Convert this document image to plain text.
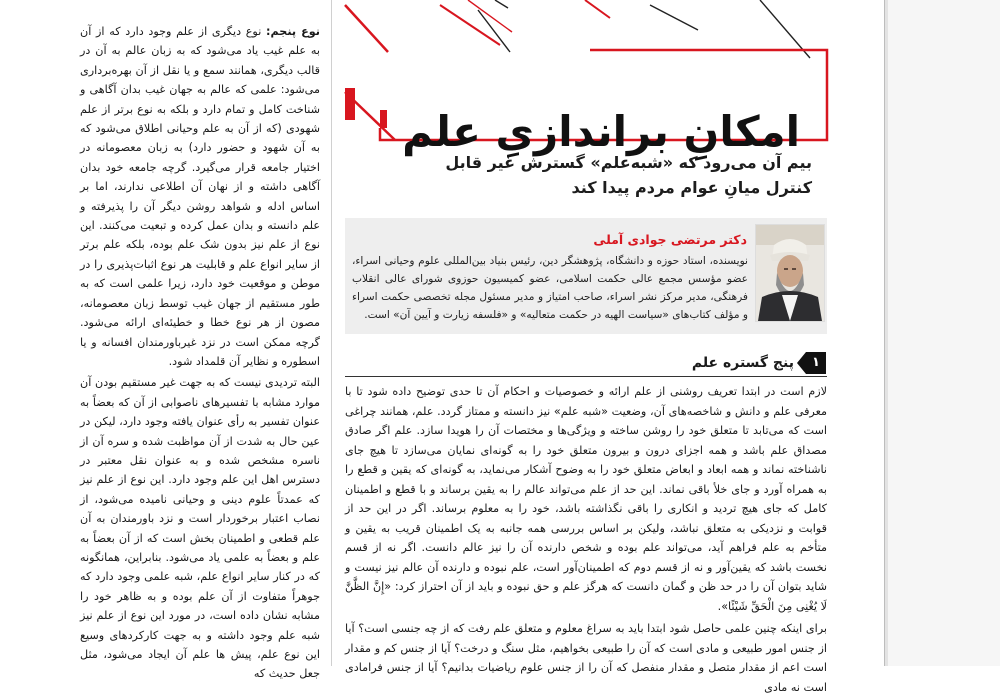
نوع پنجم: نوع دیگری از علم وجود دارد که از آن به علم غیب یاد می‌شود که به زبان عالم به آن در قالب دیگری، همانند سمع و یا نقل از آن بهره‌برداری می‌شود: علمی که عالم به جهان غیب بدان آگاهی و شناخت کامل و تمام دارد و بلکه به نوع برتر از علم شهودی (که از آن به علم وحیانی اطلاق می‌شود که به آن شهود و حضور دارد) به زبان معصومانه در اختیار جامعه قرار می‌گیرد. گرچه جامعه خود بدان آگاهی داشته و از نهان آن اطلاعی ندارند، اما بر اساس ادله و شواهد روشن دیگر آن را پذیرفته و علم دانسته و بدان عمل کرده و تبعیت می‌کنند. این نوع از علم نیز بدون شک علم بوده، بلکه علم برتر از سایر انواع علم و قابلیت هر نوع اثبات‌پذیری را در موطن و موقعیت خود دارد، زیرا علمی است که به طور مستقیم از جهان غیب توسط زبان معصومانه، مصون از هر نوع خطا و خطیئه‌ای ارائه می‌شود. گرچه ممکن است در نزد غیرباورمندان افسانه و یا اسطوره و نظایر آن قلمداد شود.

البته تردیدی نیست که به جهت غیر مستقیم بودن آن موارد مشابه با تفسیرهای ناصوابی از آن که بعضاً به عنوان تفسیر به رأی عنوان یافته وجود دارد، لیکن در عین حال به شدت از آن مواظبت شده و سره آن از ناسره مشخص شده و به عنوان نقل معتبر در دسترس اهل این علم وجود دارد. این نوع از علم نیز که عمدتاً علوم دینی و وحیانی نامیده می‌شود، از نصاب اعتبار برخوردار است و نزد باورمندان به آن علم قطعی و اطمینان بخش است که از آن بعضاً به علم و بعضاً به علمی یاد می‌شود. بنابراین، همانگونه که در کنار سایر انواع علم، شبه علمی وجود دارد که جوهراً متفاوت از آن علم بوده و به ظاهر خود را مشابه نشان داده است، در مورد این نوع از علم نیز شبه علم وجود داشته و به جهت کارکردهای وسیع این نوع علم، پیش ها علم آن ایجاد می‌شود، مثل جعل حدیث که

امکانِ براندازیِ علم
بیم آن می‌رود که «شبه‌علم» گسترش غیر قابل کنترل میانِ عوام مردم پیدا کند
دکتر مرتضی جوادی آملی
نویسنده، استاد حوزه و دانشگاه، پژوهشگر دین، رئیس بنیاد بین‌المللی علوم وحیانی اسراء، عضو مؤسس مجمع عالی حکمت اسلامی، عضو کمیسیون حوزوی شورای عالی انقلاب فرهنگی، مدیر مرکز نشر اسراء، صاحب امتیاز و مدیر مسئول مجله تخصصی حکمت اسراء و مؤلف کتاب‌های «سیاست الهیه در حکمت متعالیه» و «فلسفه زیارت و آیین آن» است.
۱
پنج گستره علم

لازم است در ابتدا تعریف روشنی از علم ارائه و خصوصیات و احکام آن تا حدی توضیح داده شود تا با معرفی علم و دانش و شاخصه‌های آن، وضعیت «شبه علم» نیز دانسته و ممتاز گردد. علم، همانند چراغی است که می‌تابد تا متعلق خود را روشن ساخته و ویژگی‌ها و مختصات آن را هویدا سازد. علم اگر صادق مصداق علم باشد و همه اجزای درون و بیرون متعلق خود را به گونه‌ای نمایان می‌سازد تا هیچ جای ناشناخته نماند و همه ابعاد و ابعاض متعلق خود را به وضوح آشکار می‌نماید، به گونه‌ای که یقین و قطع را به همراه آورد و جای خلأ باقی نماند. این حد از علم می‌تواند عالم را به یقین برساند و با قطع و اطمینان کامل که جای هیچ تردید و انکاری را باقی نگذاشته باشد، خود را به معلوم برساند. اگر در این حد از قوابت و نزدیکی به متعلق نباشد، ولیکن بر اساس بررسی همه جانبه به یک اطمینان قریب به یقین و متأخم به علم فراهم آید، می‌تواند علم بوده و شخص دارنده آن را نیز عالم دانست. اگر نه از قسم نخست باشد که یقین‌آور و نه از قسم دوم که اطمینان‌آور است، علم نبوده و دارنده آن عالم نیز نیست و شاید بتوان آن را در حد ظن و گمان دانست که هرگز علم و حق نبوده و باید از آن احتراز کرد: «إِنَّ الظَّنَّ لَا یُغْنِی مِنَ الْحَقِّ شَیْئًا».

برای اینکه چنین علمی حاصل شود ابتدا باید به سراغ معلوم و متعلق علم رفت که از چه جنسی است؟ آیا از جنس امور طبیعی و مادی است که آن را طبیعی بخواهیم، مثل سنگ و درخت؟ آیا از جنس کم و مقدار است اعم از مقدار متصل و مقدار منفصل که آن را از جنس علوم ریاضیات بدانیم؟ آیا از جنس فرامادی است نه مادی
